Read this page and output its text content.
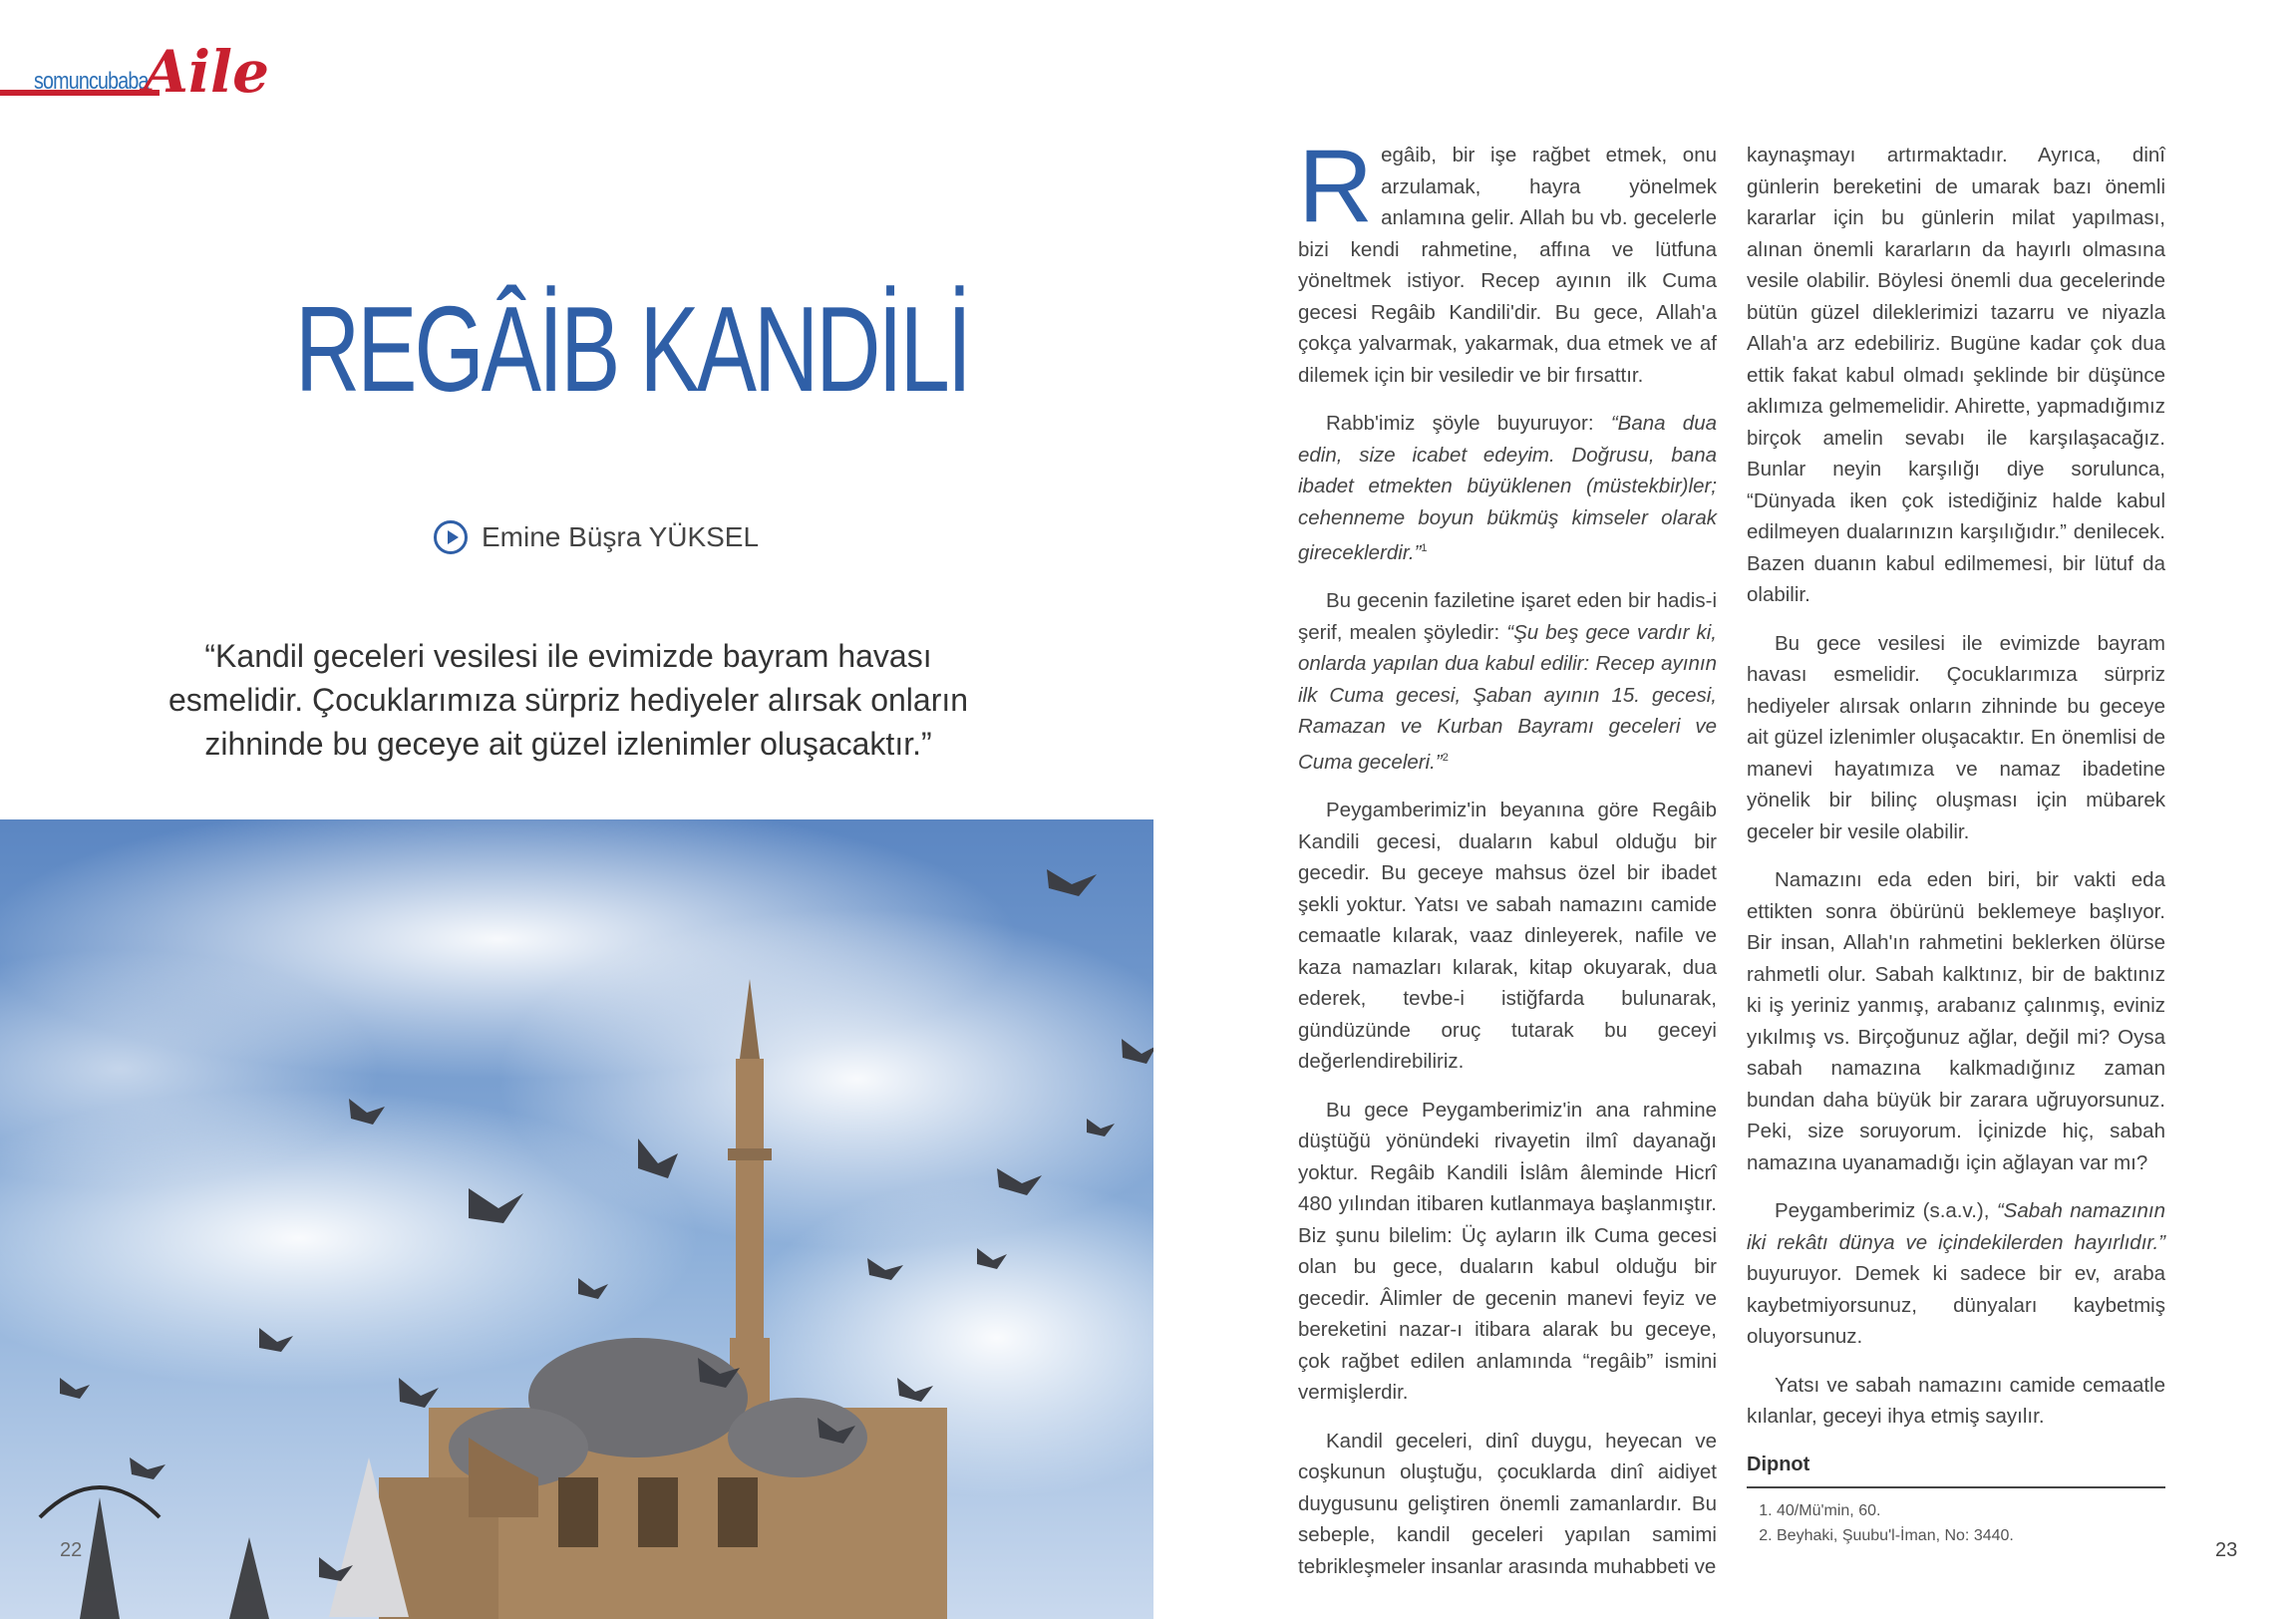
somuncubaba
Aile
REGÂİB KANDİLİ
Emine Büşra YÜKSEL
“Kandil geceleri vesilesi ile evimizde bayram havası esmelidir. Çocuklarımıza sürpriz hediyeler alırsak onların zihninde bu geceye ait güzel izlenimler oluşacaktır.”
22

Regâib, bir işe rağbet etmek, onu arzulamak, hayra yönelmek anlamına gelir. Allah bu vb. gecelerle bizi kendi rahmetine, affına ve lütfuna yöneltmek istiyor. Recep ayının ilk Cuma gecesi Regâib Kandili'dir. Bu gece, Allah'a çokça yalvarmak, yakarmak, dua etmek ve af dilemek için bir vesiledir ve bir fırsattır.

Rabb'imiz şöyle buyuruyor: “Bana dua edin, size icabet edeyim. Doğrusu, bana ibadet etmekten büyüklenen (müstekbir)ler; cehenneme boyun bükmüş kimseler olarak gireceklerdir.”$^1$

Bu gecenin faziletine işaret eden bir hadis-i şerif, mealen şöyledir: “Şu beş gece vardır ki, onlarda yapılan dua kabul edilir: Recep ayının ilk Cuma gecesi, Şaban ayının 15. gecesi, Ramazan ve Kurban Bayramı geceleri ve Cuma geceleri.”$^2$

Peygamberimiz'in beyanına göre Regâib Kandili gecesi, duaların kabul olduğu bir gecedir. Bu geceye mahsus özel bir ibadet şekli yoktur. Yatsı ve sabah namazını camide cemaatle kılarak, vaaz dinleyerek, nafile ve kaza namazları kılarak, kitap okuyarak, dua ederek, tevbe-i istiğfarda bulunarak, gündüzünde oruç tutarak bu geceyi değerlendirebiliriz.

Bu gece Peygamberimiz'in ana rahmine düştüğü yönündeki rivayetin ilmî dayanağı yoktur. Regâib Kandili İslâm âleminde Hicrî 480 yılından itibaren kutlanmaya başlanmıştır. Biz şunu bilelim: Üç ayların ilk Cuma gecesi olan bu gece, duaların kabul olduğu bir gecedir. Âlimler de gecenin manevi feyiz ve bereketini nazar-ı itibara alarak bu geceye, çok rağbet edilen anlamında “regâib” ismini vermişlerdir.

Kandil geceleri, dinî duygu, heyecan ve coşkunun oluştuğu, çocuklarda dinî aidiyet duygusunu geliştiren önemli zamanlardır. Bu sebeple, kandil geceleri yapılan samimi tebrikleşmeler insanlar arasında muhabbeti ve

kaynaşmayı artırmaktadır. Ayrıca, dinî günlerin bereketini de umarak bazı önemli kararlar için bu günlerin milat yapılması, alınan önemli kararların da hayırlı olmasına vesile olabilir. Böylesi önemli dua gecelerinde bütün güzel dileklerimizi tazarru ve niyazla Allah'a arz edebiliriz. Bugüne kadar çok dua ettik fakat kabul olmadı şeklinde bir düşünce aklımıza gelmemelidir. Ahirette, yapmadığımız birçok amelin sevabı ile karşılaşacağız. Bunlar neyin karşılığı diye sorulunca, “Dünyada iken çok istediğiniz halde kabul edilmeyen dualarınızın karşılığıdır.” denilecek. Bazen duanın kabul edilmemesi, bir lütuf da olabilir.

Bu gece vesilesi ile evimizde bayram havası esmelidir. Çocuklarımıza sürpriz hediyeler alırsak onların zihninde bu geceye ait güzel izlenimler oluşacaktır. En önemlisi de manevi hayatımıza ve namaz ibadetine yönelik bir bilinç oluşması için mübarek geceler bir vesile olabilir.

Namazını eda eden biri, bir vakti eda ettikten sonra öbürünü beklemeye başlıyor. Bir insan, Allah'ın rahmetini beklerken ölürse rahmetli olur. Sabah kalktınız, bir de baktınız ki iş yeriniz yanmış, arabanız çalınmış, eviniz yıkılmış vs. Birçoğunuz ağlar, değil mi? Oysa sabah namazına kalkmadığınız zaman bundan daha büyük bir zarara uğruyorsunuz. Peki, size soruyorum. İçinizde hiç, sabah namazına uyanamadığı için ağlayan var mı?

Peygamberimiz (s.a.v.), “Sabah namazının iki rekâtı dünya ve içindekilerden hayırlıdır.” buyuruyor. Demek ki sadece bir ev, araba kaybetmiyorsunuz, dünyaları kaybetmiş oluyorsunuz.

Yatsı ve sabah namazını camide cemaatle kılanlar, geceyi ihya etmiş sayılır.

Dipnot
1. 40/Mü'min, 60.
2. Beyhaki, Şuubu'l-İman, No: 3440.
23
